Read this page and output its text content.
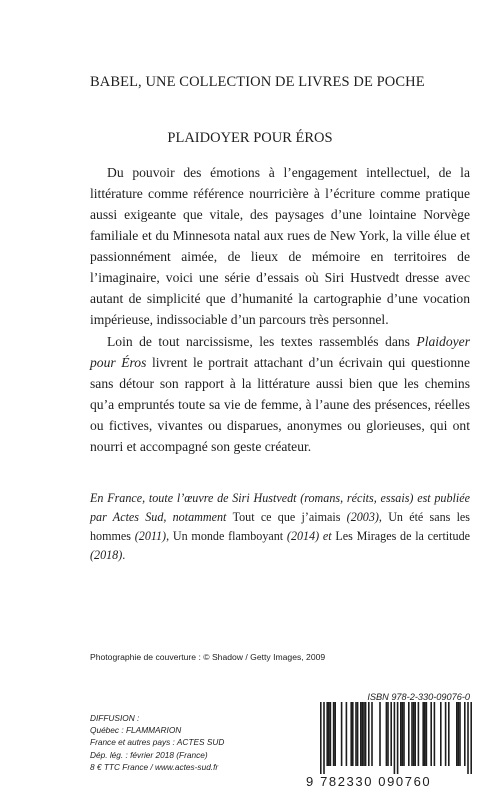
BABEL, UNE COLLECTION DE LIVRES DE POCHE
PLAIDOYER POUR ÉROS

Du pouvoir des émotions à l’engagement intellectuel, de la littérature comme référence nourricière à l’écriture comme pratique aussi exigeante que vitale, des paysages d’une lointaine Norvège familiale et du Minnesota natal aux rues de New York, la ville élue et passionnément aimée, de lieux de mémoire en territoires de l’imaginaire, voici une série d’essais où Siri Hustvedt dresse avec autant de simplicité que d’humanité la cartographie d’une vocation impérieuse, indissociable d’un parcours très personnel.

Loin de tout narcissisme, les textes rassemblés dans Plaidoyer pour Éros livrent le portrait attachant d’un écrivain qui questionne sans détour son rapport à la littérature aussi bien que les chemins qu’a empruntés toute sa vie de femme, à l’aune des présences, réelles ou fictives, vivantes ou disparues, anonymes ou glorieuses, qui ont nourri et accompagné son geste créateur.

En France, toute l’œuvre de Siri Hustvedt (romans, récits, essais) est publiée par Actes Sud, notamment Tout ce que j’aimais (2003), Un été sans les hommes (2011), Un monde flamboyant (2014) et Les Mirages de la certitude (2018).

Photographie de couverture : © Shadow / Getty Images, 2009
ISBN 978-2-330-09076-0
DIFFUSION :
Québec : FLAMMARION
France et autres pays : ACTES SUD
Dép. lég. : février 2018 (France)
8 € TTC France / www.actes-sud.fr
9 782330 090760
